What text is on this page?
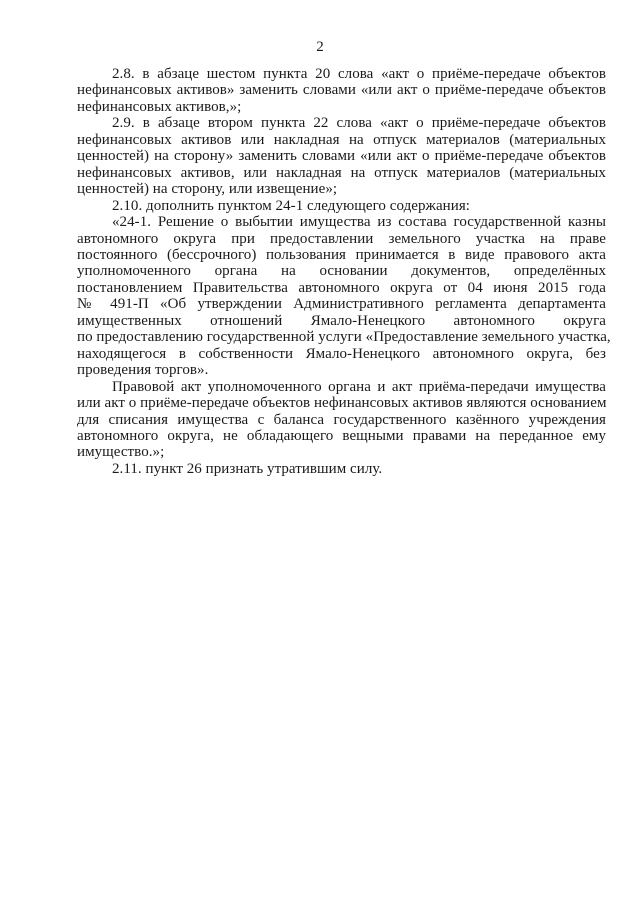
2

2.8. в абзаце шестом пункта 20 слова «акт о приёме-передаче объектов
нефинансовых активов» заменить словами «или акт о приёме-передаче объектов
нефинансовых активов,»;

2.9. в абзаце втором пункта 22 слова «акт о приёме-передаче объектов
нефинансовых активов или накладная на отпуск материалов (материальных
ценностей) на сторону» заменить словами «или акт о приёме-передаче объектов
нефинансовых активов, или накладная на отпуск материалов (материальных
ценностей) на сторону, или извещение»;

2.10. дополнить пунктом 24-1 следующего содержания:

«24-1. Решение о выбытии имущества из состава государственной казны
автономного округа при предоставлении земельного участка на праве
постоянного (бессрочного) пользования принимается в виде правового акта
уполномоченного органа на основании документов, определённых
постановлением Правительства автономного округа от 04 июня 2015 года
№ 491-П «Об утверждении Административного регламента департамента
имущественных отношений Ямало-Ненецкого автономного округа
по предоставлению государственной услуги «Предоставление земельного участка,
находящегося в собственности Ямало-Ненецкого автономного округа, без
проведения торгов».

Правовой акт уполномоченного органа и акт приёма-передачи имущества
или акт о приёме-передаче объектов нефинансовых активов являются основанием
для списания имущества с баланса государственного казённого учреждения
автономного округа, не обладающего вещными правами на переданное ему
имущество.»;

2.11. пункт 26 признать утратившим силу.
